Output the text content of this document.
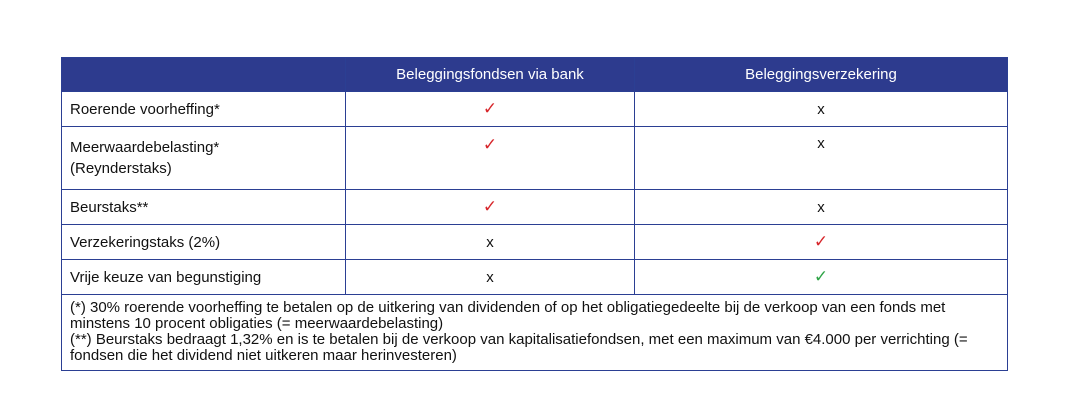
	Beleggingsfondsen via bank	Beleggingsverzekering
Roerende voorheffing*	✓	x
Meerwaardebelasting*
(Reynderstaks)	✓	x
Beurstaks**	✓	x
Verzekeringstaks (2%)	x	✓
Vrije keuze van begunstiging	x	✓

(*) 30% roerende voorheffing te betalen op de uitkering van dividenden of op het obligatiegedeelte bij de verkoop van een fonds met minstens 10 procent obligaties (= meerwaardebelasting)

(**) Beurstaks bedraagt 1,32% en is te betalen bij de verkoop van kapitalisatiefondsen, met een maximum van €4.000 per verrichting (= fondsen die het dividend niet uitkeren maar herinvesteren)		
